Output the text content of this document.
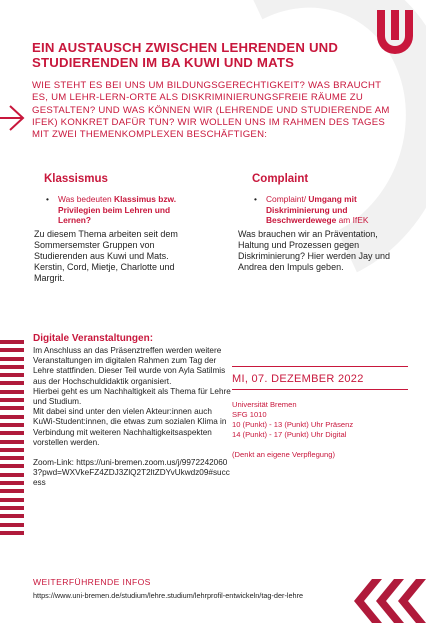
EIN AUSTAUSCH ZWISCHEN LEHRENDEN UND STUDIERENDEN IM BA KUWI UND MATS
WIE STEHT ES BEI UNS UM BILDUNGSGERECHTIGKEIT? WAS BRAUCHT ES, UM LEHR-LERN-ORTE ALS DISKRIMINIERUNGSFREIE RÄUME ZU GESTALTEN? UND WAS KÖNNEN WIR (LEHRENDE UND STUDIERENDE AM IFEK) KONKRET DAFÜR TUN? WIR WOLLEN UNS IM RAHMEN DES TAGES MIT ZWEI THEMENKOMPLEXEN BESCHÄFTIGEN:
Klassismus
• Was bedeuten Klassimus bzw. Privilegien beim Lehren und Lernen?
Zu diesem Thema arbeiten seit dem Sommersemster Gruppen von Studierenden aus Kuwi und Mats. Kerstin, Cord, Mietje, Charlotte und Margrit.
Complaint
• Complaint/ Umgang mit Diskriminierung und Beschwerdewege am IfEK
Was brauchen wir an Präventation, Haltung und Prozessen gegen Diskriminierung? Hier werden Jay und Andrea den Impuls geben.
Digitale Veranstaltungen:

Im Anschluss an das Präsenztreffen werden weitere Veranstaltungen im digitalen Rahmen zum Tag der Lehre stattfinden. Dieser Teil wurde von Ayla Satilmis aus der Hochschuldidaktik organisiert.

Hierbei geht es um Nachhaltigkeit als Thema für Lehre und Studium.

Mit dabei sind unter den vielen Akteur:innen auch KuWi-Student:innen, die etwas zum sozialen Klima in Verbindung mit weiteren Nachhaltigkeitsaspekten vorstellen werden.

Zoom-Link: https://uni-bremen.zoom.us/j/99722420603?pwd=WXVkeFZ4ZDJ3ZlQ2T2ltZDYvUkwdz09#success

MI, 07. DEZEMBER 2022

Universität Bremen

SFG 1010

10 (Punkt) - 13 (Punkt) Uhr Präsenz

14 (Punkt) - 17 (Punkt) Uhr Digital

(Denkt an eigene Verpflegung)

WEITERFÜHRENDE INFOS

https://www.uni-bremen.de/studium/lehre.studium/lehrprofil-entwickeln/tag-der-lehre
